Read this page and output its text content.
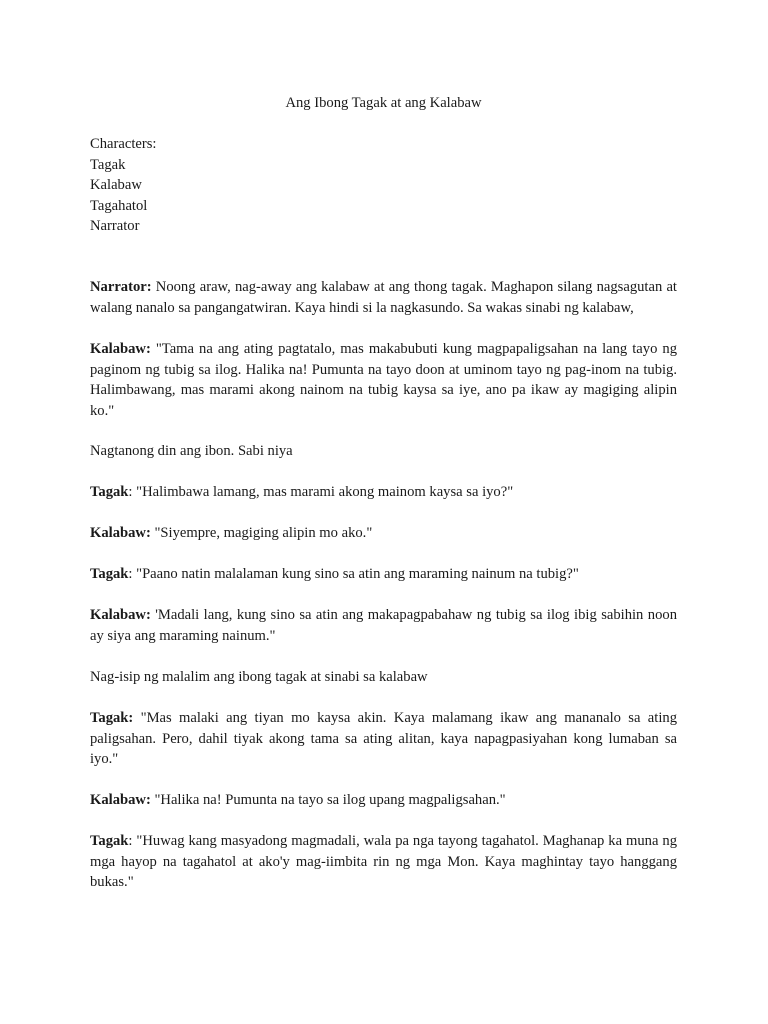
Ang Ibong Tagak at ang Kalabaw
Characters:
Tagak
Kalabaw
Tagahatol
Narrator
Narrator: Noong araw, nag-away ang kalabaw at ang thong tagak. Maghapon silang nagsagutan at walang nanalo sa pangangatwiran. Kaya hindi si la nagkasundo. Sa wakas sinabi ng kalabaw,
Kalabaw: "Tama na ang ating pagtatalo, mas makabubuti kung magpapaligsahan na lang tayo ng paginom ng tubig sa ilog. Halika na! Pumunta na tayo doon at uminom tayo ng pag-inom na tubig. Halimbawang, mas marami akong nainom na tubig kaysa sa iye, ano pa ikaw ay magiging alipin ko."
Nagtanong din ang ibon. Sabi niya
Tagak: "Halimbawa lamang, mas marami akong mainom kaysa sa iyo?"
Kalabaw: "Siyempre, magiging alipin mo ako."
Tagak: "Paano natin malalaman kung sino sa atin ang maraming nainum na tubig?"
Kalabaw: 'Madali lang, kung sino sa atin ang makapagpabahaw ng tubig sa ilog ibig sabihin noon ay siya ang maraming nainum."
Nag-isip ng malalim ang ibong tagak at sinabi sa kalabaw
Tagak: "Mas malaki ang tiyan mo kaysa akin. Kaya malamang ikaw ang mananalo sa ating paligsahan. Pero, dahil tiyak akong tama sa ating alitan, kaya napagpasiyahan kong lumaban sa iyo."
Kalabaw: "Halika na! Pumunta na tayo sa ilog upang magpaligsahan."
Tagak: "Huwag kang masyadong magmadali, wala pa nga tayong tagahatol. Maghanap ka muna ng mga hayop na tagahatol at ako'y mag-iimbita rin ng mga Mon. Kaya maghintay tayo hanggang bukas."
